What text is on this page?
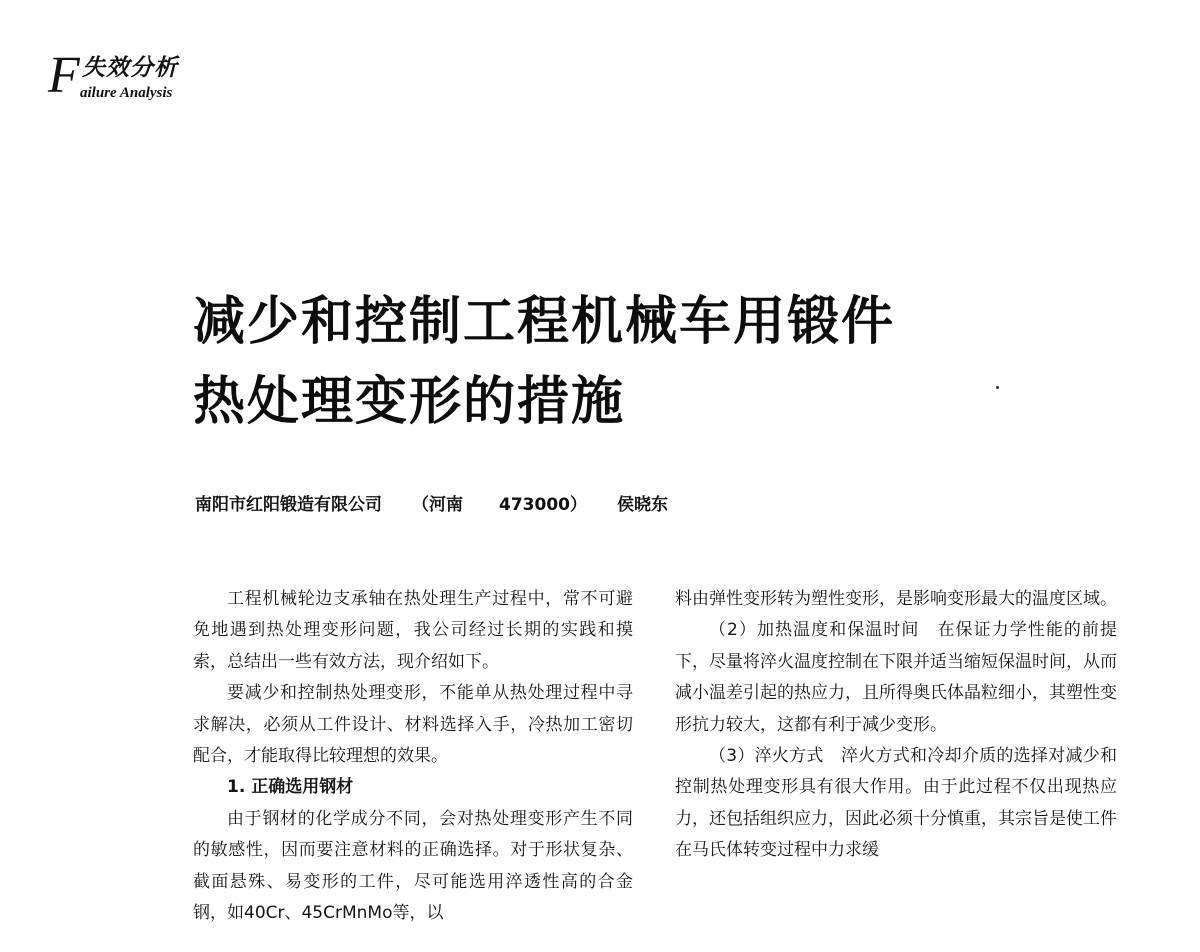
F 失效分析
ailure Analysis
减少和控制工程机械车用锻件
热处理变形的措施
南阳市红阳锻造有限公司 （河南 473000） 侯晓东

工程机械轮边支承轴在热处理生产过程中，常不可避免地遇到热处理变形问题，我公司经过长期的实践和摸索，总结出一些有效方法，现介绍如下。

要减少和控制热处理变形，不能单从热处理过程中寻求解决，必须从工件设计、材料选择入手，冷热加工密切配合，才能取得比较理想的效果。

1. 正确选用钢材

由于钢材的化学成分不同，会对热处理变形产生不同的敏感性，因而要注意材料的正确选择。对于形状复杂、截面悬殊、易变形的工件，尽可能选用淬透性高的合金钢，如40Cr、45CrMnMo等，以

料由弹性变形转为塑性变形，是影响变形最大的温度区域。

（2）加热温度和保温时间　在保证力学性能的前提下，尽量将淬火温度控制在下限并适当缩短保温时间，从而减小温差引起的热应力，且所得奥氏体晶粒细小，其塑性变形抗力较大，这都有利于减少变形。

（3）淬火方式　淬火方式和冷却介质的选择对减少和控制热处理变形具有很大作用。由于此过程不仅出现热应力，还包括组织应力，因此必须十分慎重，其宗旨是使工件在马氏体转变过程中力求缓
